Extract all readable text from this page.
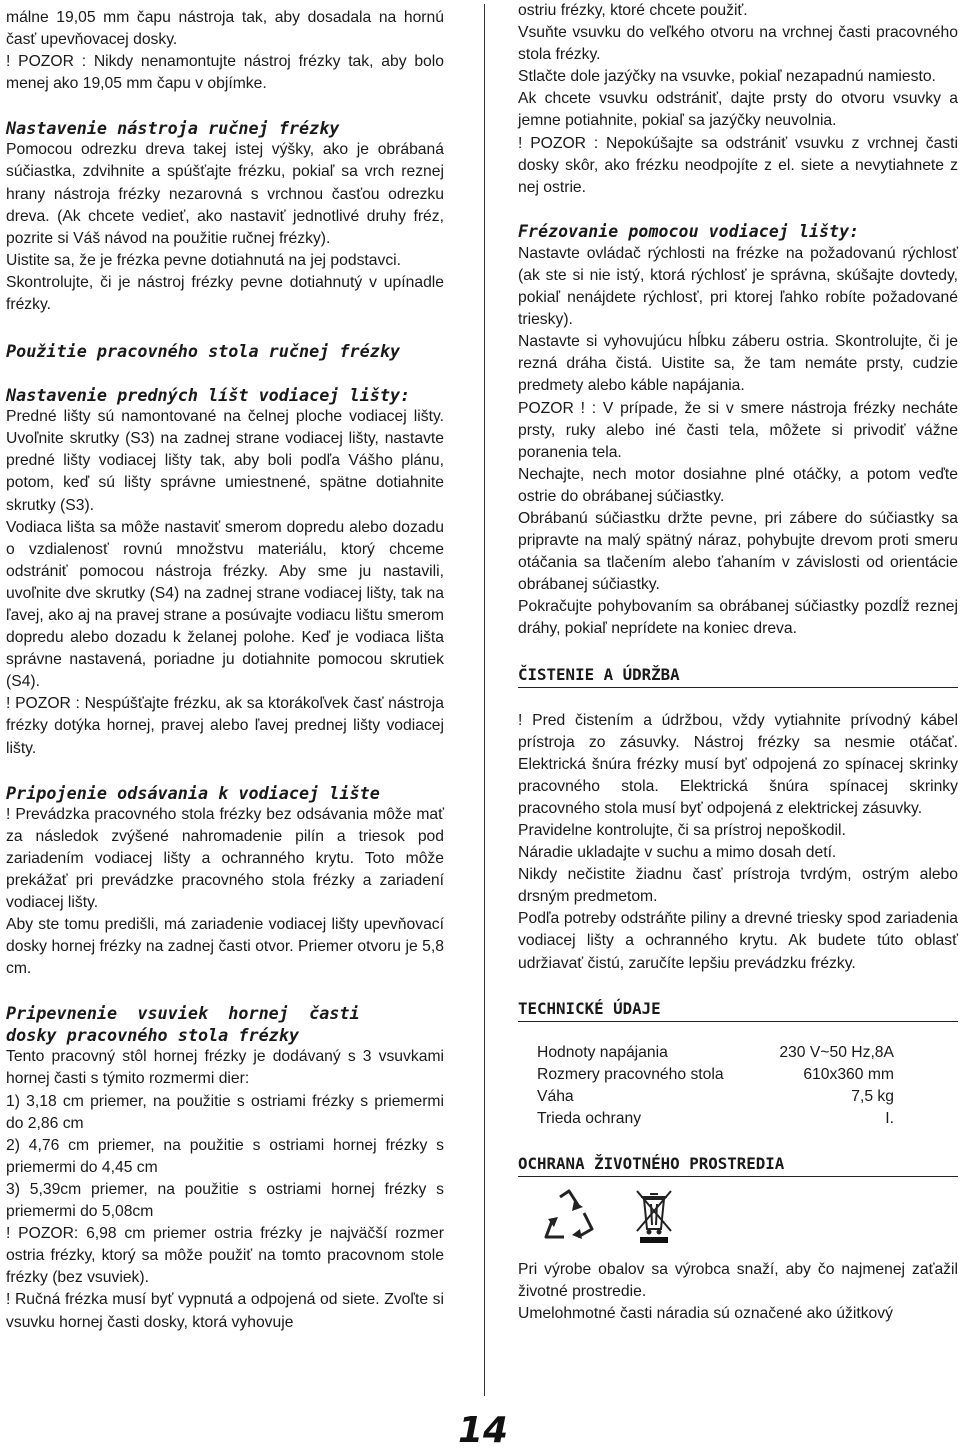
málne 19,05 mm čapu nástroja tak, aby dosadala na hornú časť upevňovacej dosky.

! POZOR : Nikdy nenamontujte nástroj frézky tak, aby bolo menej ako 19,05 mm čapu v objímke.

Nastavenie nástroja ručnej frézky

Pomocou odrezku dreva takej istej výšky, ako je obrábaná súčiastka, zdvihnite a spúšťajte frézku, pokiaľ sa vrch reznej hrany nástroja frézky nezarovná s vrchnou časťou odrezku dreva. (Ak chcete vedieť, ako nastaviť jednotlivé druhy fréz, pozrite si Váš návod na použitie ručnej frézky).

Uistite sa, že je frézka pevne dotiahnutá na jej podstavci.

Skontrolujte, či je nástroj frézky pevne dotiahnutý v upínadle frézky.

Použitie pracovného stola ručnej frézky
Nastavenie predných líšt vodiacej lišty:

Predné lišty sú namontované na čelnej ploche vodiacej lišty. Uvoľnite skrutky (S3) na zadnej strane vodiacej lišty, nastavte predné lišty vodiacej lišty tak, aby boli podľa Vášho plánu, potom, keď sú lišty správne umiestnené, spätne dotiahnite skrutky (S3).

Vodiaca lišta sa môže nastaviť smerom dopredu alebo dozadu o vzdialenosť rovnú množstvu materiálu, ktorý chceme odstrániť pomocou nástroja frézky. Aby sme ju nastavili, uvoľnite dve skrutky (S4) na zadnej strane vodiacej lišty, tak na ľavej, ako aj na pravej strane a posúvajte vodiacu lištu smerom dopredu alebo dozadu k želanej polohe. Keď je vodiaca lišta správne nastavená, poriadne ju dotiahnite pomocou skrutiek (S4).

! POZOR : Nespúšťajte frézku, ak sa ktorákoľvek časť nástroja frézky dotýka hornej, pravej alebo ľavej prednej lišty vodiacej lišty.

Pripojenie odsávania k vodiacej lište

! Prevádzka pracovného stola frézky bez odsávania môže mať za následok zvýšené nahromadenie pilín a triesok pod zariadením vodiacej lišty a ochranného krytu. Toto môže prekážať pri prevádzke pracovného stola frézky a zariadení vodiacej lišty.

Aby ste tomu predišli, má zariadenie vodiacej lišty upevňovací dosky hornej frézky na zadnej časti otvor. Priemer otvoru je 5,8 cm.

Pripevnenie  vsuviek  hornej  časti
dosky pracovného stola frézky

Tento pracovný stôl hornej frézky je dodávaný s 3 vsuvkami hornej časti s týmito rozmermi dier:

1) 3,18 cm priemer, na použitie s ostriami frézky s priemermi do 2,86 cm

2) 4,76 cm priemer, na použitie s ostriami hornej frézky s priemermi do 4,45 cm

3) 5,39cm priemer, na použitie s ostriami hornej frézky s priemermi do 5,08cm

! POZOR: 6,98 cm priemer ostria frézky je najväčší rozmer ostria frézky, ktorý sa môže použiť na tomto pracovnom stole frézky (bez vsuviek).

! Ručná frézka musí byť vypnutá a odpojená od siete. Zvoľte si vsuvku hornej časti dosky, ktorá vyhovuje

ostriu frézky, ktoré chcete použiť.

Vsuňte vsuvku do veľkého otvoru na vrchnej časti pracovného stola frézky.

Stlačte dole jazýčky na vsuvke, pokiaľ nezapadnú namiesto.

Ak chcete vsuvku odstrániť, dajte prsty do otvoru vsuvky a jemne potiahnite, pokiaľ sa jazýčky neuvolnia.

! POZOR : Nepokúšajte sa odstrániť vsuvku z vrchnej časti dosky skôr, ako frézku neodpojíte z el. siete a nevytiahnete z nej ostrie.

Frézovanie pomocou vodiacej lišty:

Nastavte ovládač rýchlosti na frézke na požadovanú rýchlosť (ak ste si nie istý, ktorá rýchlosť je správna, skúšajte dovtedy, pokiaľ nenájdete rýchlosť, pri ktorej ľahko robíte požadované triesky).

Nastavte si vyhovujúcu hĺbku záberu ostria. Skontrolujte, či je rezná dráha čistá. Uistite sa, že tam nemáte prsty, cudzie predmety alebo káble napájania.

POZOR ! : V prípade, že si v smere nástroja frézky necháte prsty, ruky alebo iné časti tela, môžete si privodiť vážne poranenia tela.

Nechajte, nech motor dosiahne plné otáčky, a potom veďte ostrie do obrábanej súčiastky.

Obrábanú súčiastku držte pevne, pri zábere do súčiastky sa pripravte na malý spätný náraz, pohybujte drevom proti smeru otáčania sa tlačením alebo ťahaním v závislosti od orientácie obrábanej súčiastky.

Pokračujte pohybovaním sa obrábanej súčiastky pozdĺž reznej dráhy, pokiaľ neprídete na koniec dreva.

ČISTENIE A ÚDRŽBA

! Pred čistením a údržbou, vždy vytiahnite prívodný kábel prístroja zo zásuvky. Nástroj frézky sa nesmie otáčať. Elektrická šnúra frézky musí byť odpojená zo spínacej skrinky pracovného stola. Elektrická šnúra spínacej skrinky pracovného stola musí byť odpojená z elektrickej zásuvky.

Pravidelne kontrolujte, či sa prístroj nepoškodil.

Náradie ukladajte v suchu a mimo dosah detí.

Nikdy nečistite žiadnu časť prístroja tvrdým, ostrým alebo drsným predmetom.

Podľa potreby odstráňte piliny a drevné triesky spod zariadenia vodiacej lišty a ochranného krytu. Ak budete túto oblasť udržiavať čistú, zaručíte lepšiu prevádzku frézky.

TECHNICKÉ ÚDAJE
Hodnoty napájania	230 V~50 Hz,8A
Rozmery pracovného stola	610x360 mm
Váha	7,5 kg
Trieda ochrany	I.
OCHRANA ŽIVOTNÉHO PROSTREDIA

Pri výrobe obalov sa výrobca snaží, aby čo najmenej zaťažil životné prostredie.

Umelohmotné časti náradia sú označené ako úžitkový

14
